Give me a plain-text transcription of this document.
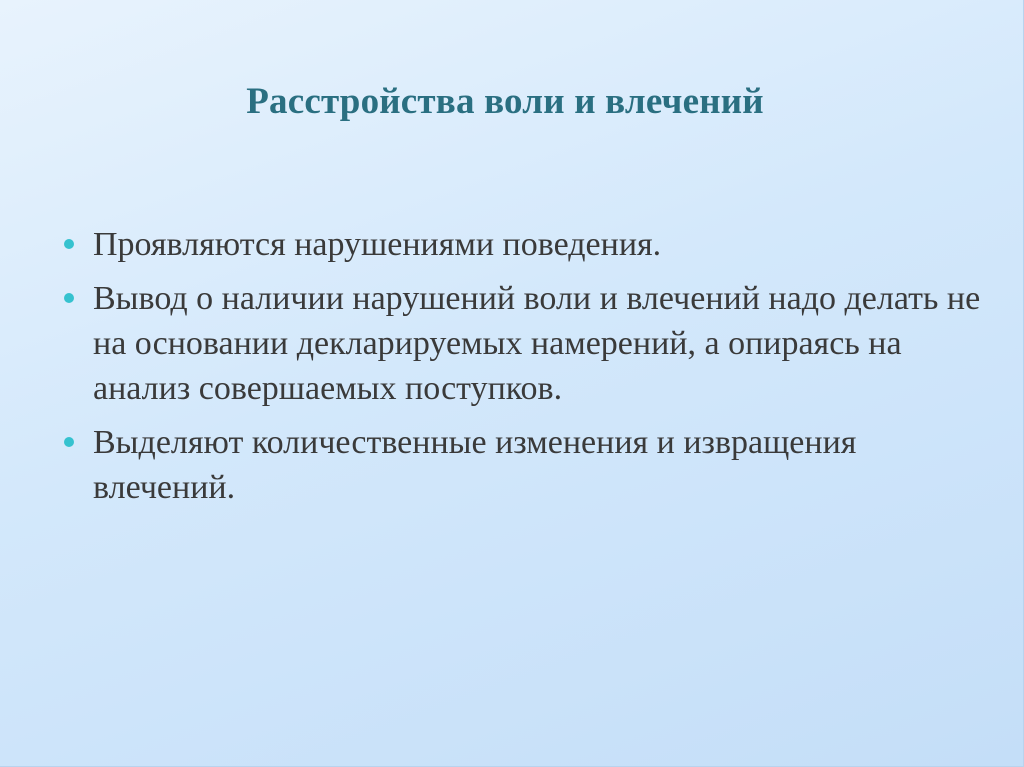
Расстройства воли и влечений
Проявляются нарушениями поведения.
Вывод о наличии нарушений воли и влечений надо делать не на основании декларируемых намерений, а опираясь на анализ совершаемых поступков.
Выделяют количественные изменения и извращения влечений.
